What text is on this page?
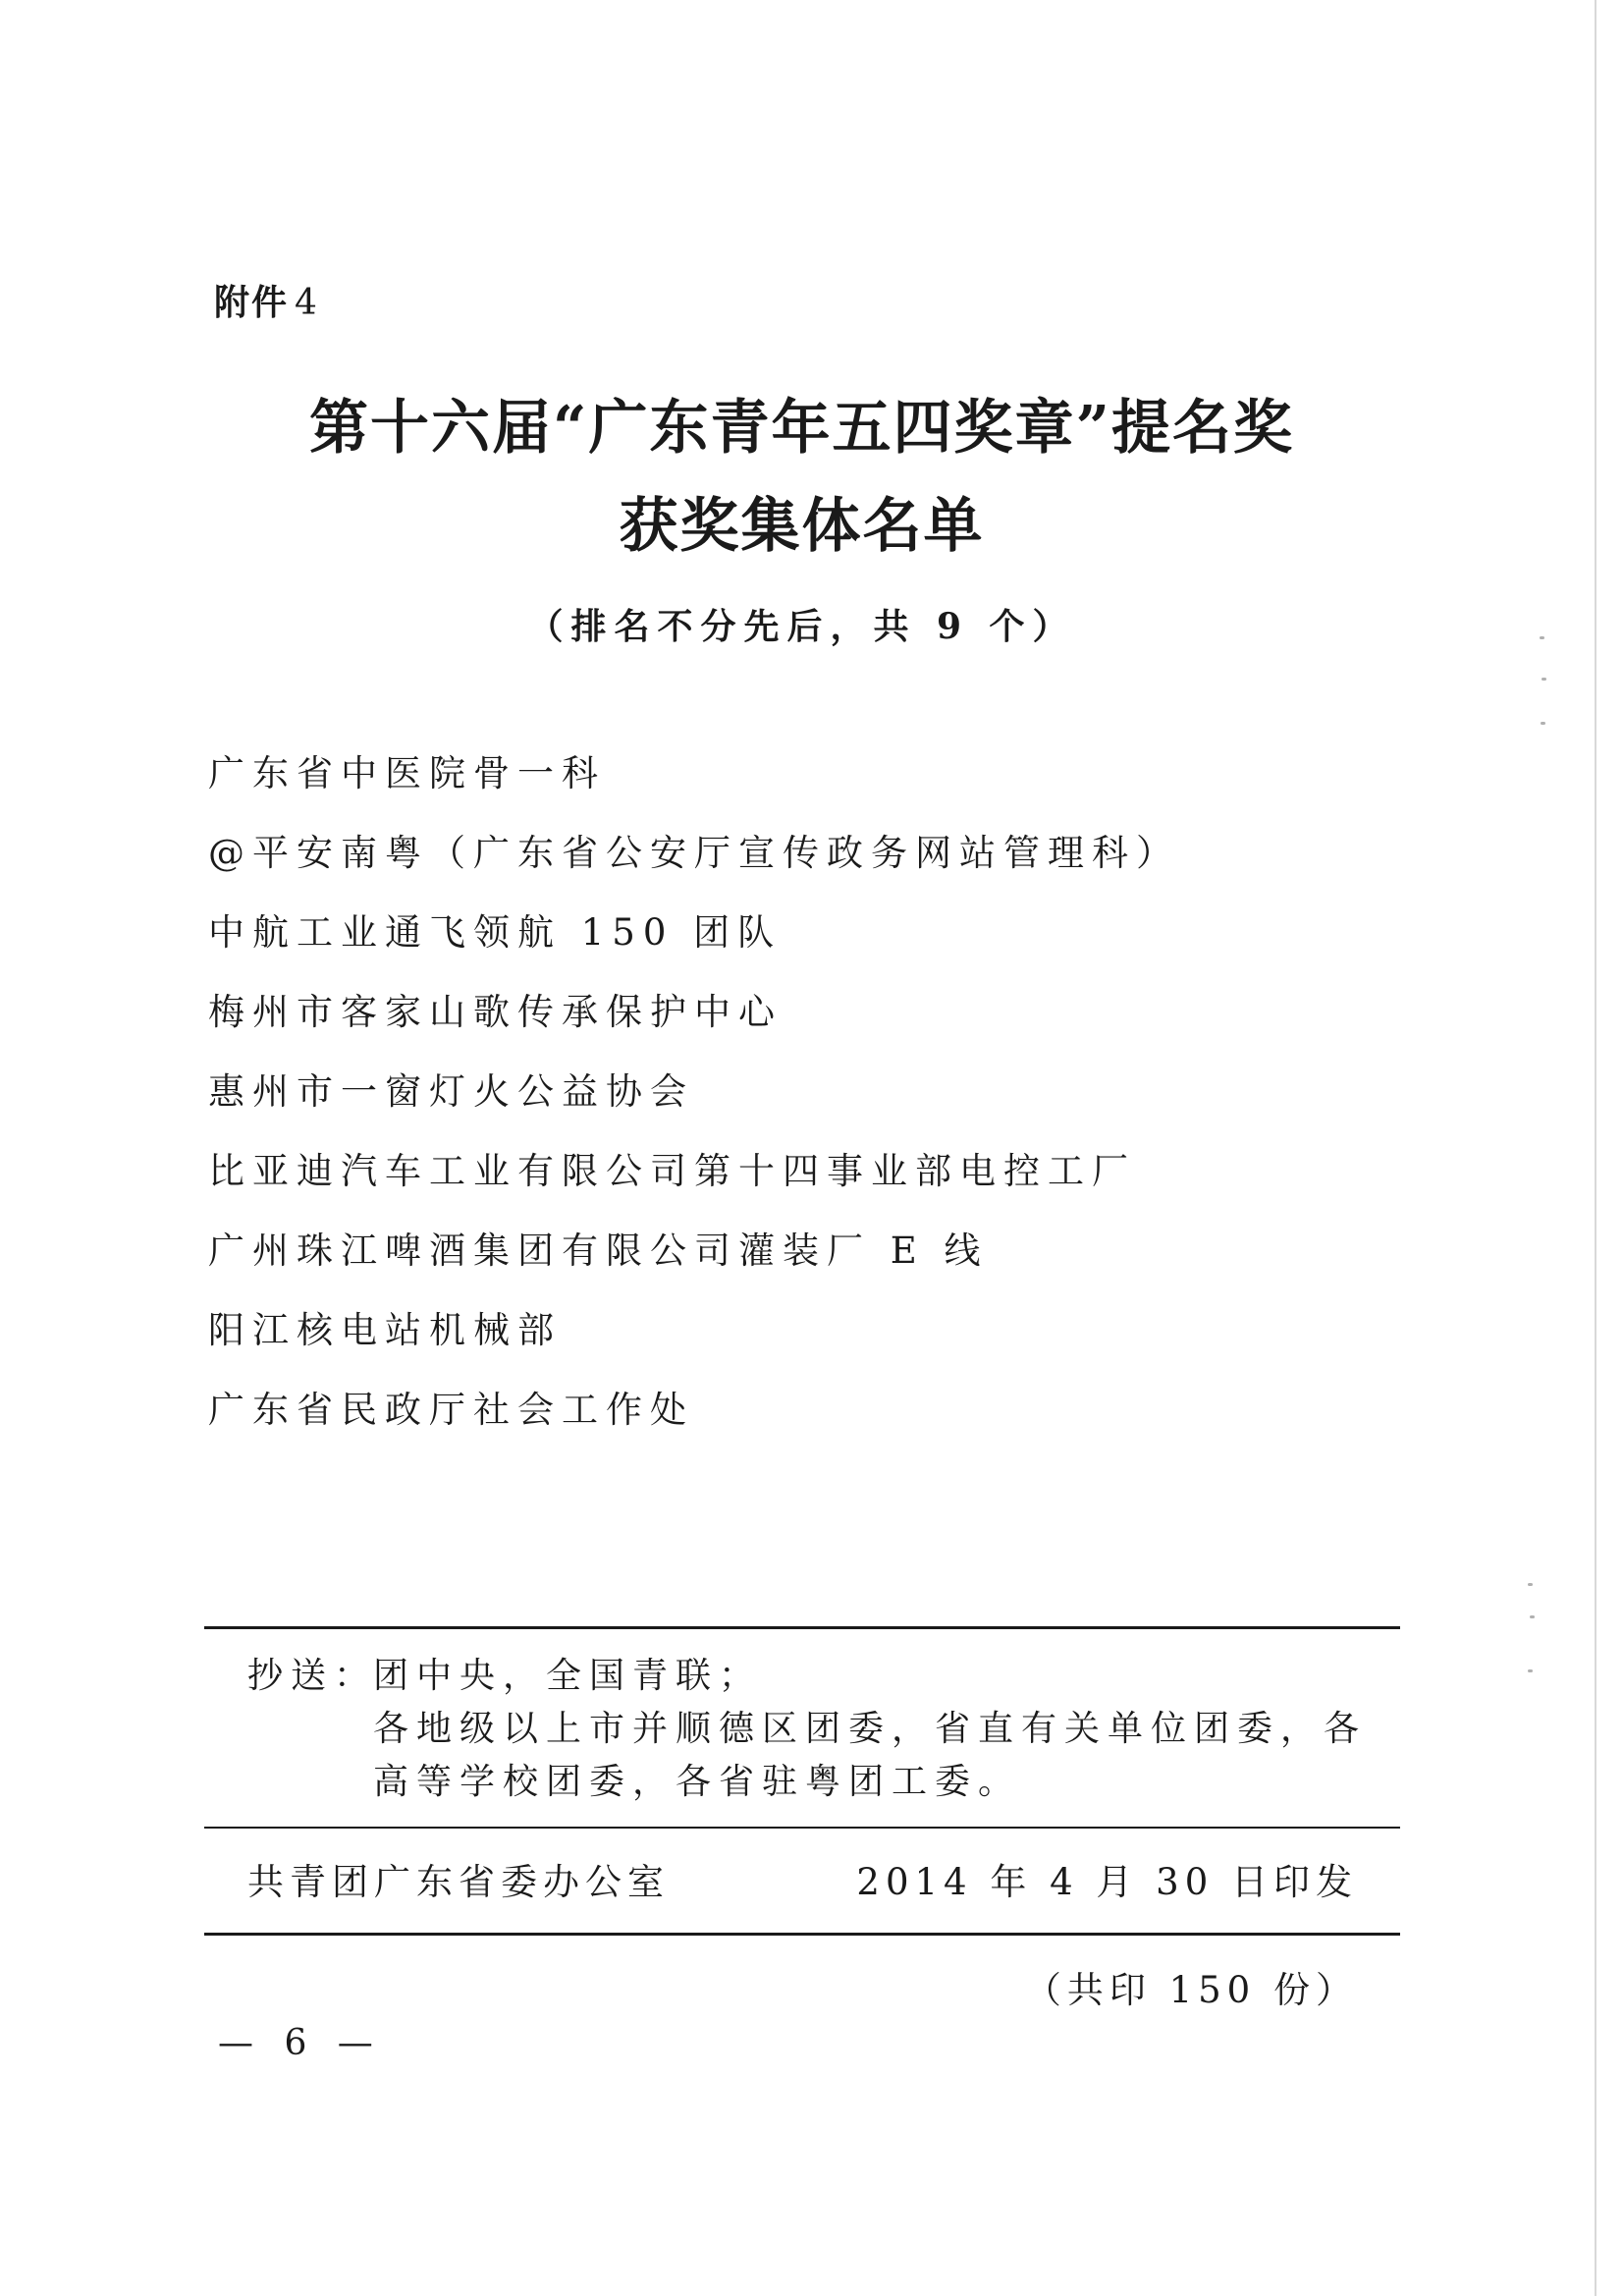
附件 4
第十六届“广东青年五四奖章”提名奖
获奖集体名单
（排名不分先后，共 9 个）
广东省中医院骨一科
@平安南粤（广东省公安厅宣传政务网站管理科）
中航工业通飞领航 150 团队
梅州市客家山歌传承保护中心
惠州市一窗灯火公益协会
比亚迪汽车工业有限公司第十四事业部电控工厂
广州珠江啤酒集团有限公司灌装厂 E 线
阳江核电站机械部
广东省民政厅社会工作处
抄送：团中央，全国青联；
各地级以上市并顺德区团委，省直有关单位团委，各
高等学校团委，各省驻粤团工委。
共青团广东省委办公室	2014 年 4 月 30 日印发
（共印 150 份）
— 6 —
